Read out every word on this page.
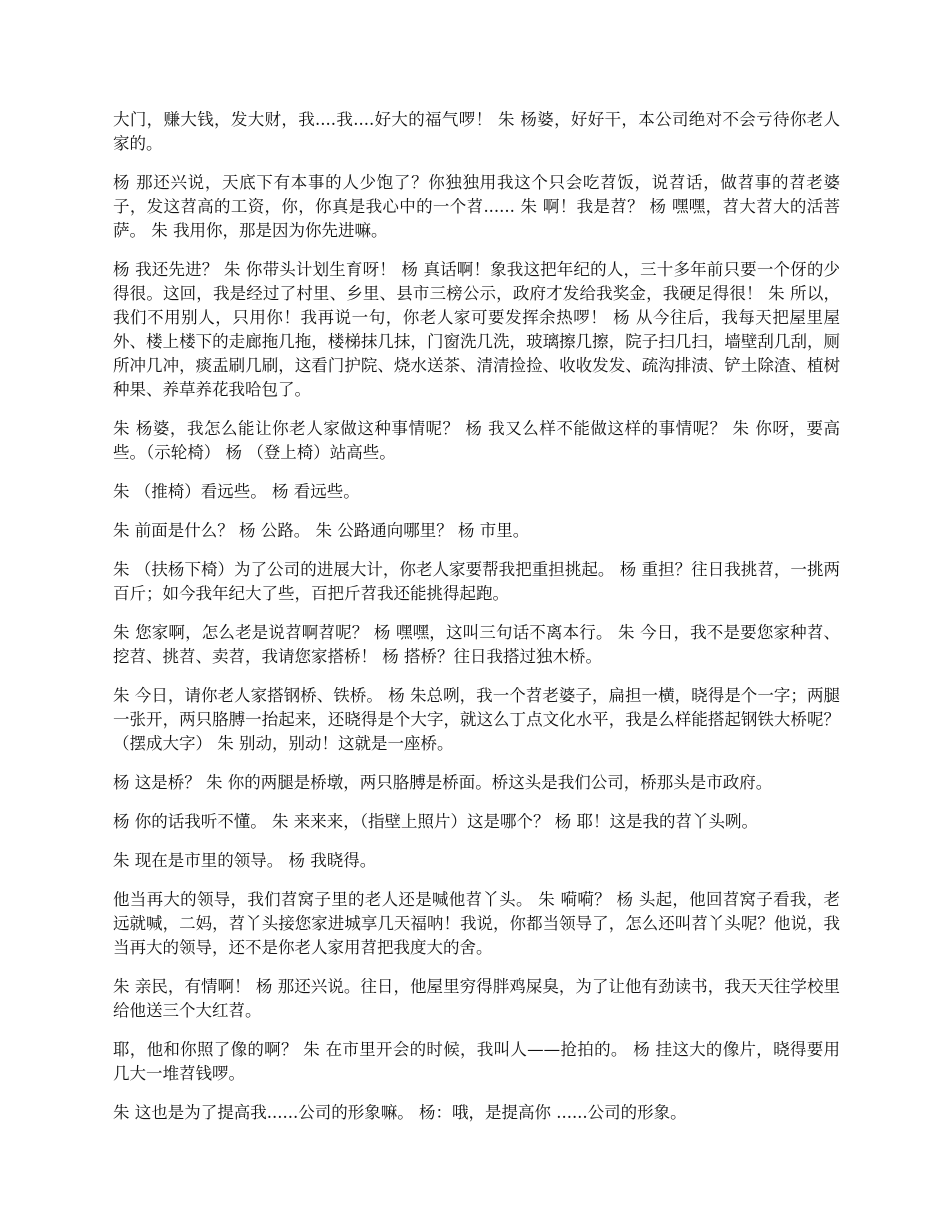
大门，赚大钱，发大财，我....我....好大的福气啰！ 朱 杨婆，好好干，本公司绝对不会亏待你老人家的。

杨 那还兴说，天底下有本事的人少饱了？你独独用我这个只会吃苕饭，说苕话，做苕事的苕老婆子，发这苕高的工资，你，你真是我心中的一个苕...... 朱 啊！我是苕？ 杨 嘿嘿，苕大苕大的活菩萨。 朱 我用你，那是因为你先进嘛。

杨 我还先进？ 朱 你带头计划生育呀！ 杨 真话啊！象我这把年纪的人，三十多年前只要一个伢的少得很。这回，我是经过了村里、乡里、县市三榜公示，政府才发给我奖金，我硬足得很！ 朱 所以，我们不用别人，只用你！我再说一句，你老人家可要发挥余热啰！ 杨 从今往后，我每天把屋里屋外、楼上楼下的走廊拖几拖，楼梯抹几抹，门窗洗几洗，玻璃擦几擦，院子扫几扫，墙壁刮几刮，厕所冲几冲，痰盂刷几刷，这看门护院、烧水送茶、清清捡捡、收收发发、疏沟排渍、铲土除渣、植树种果、养草养花我哈包了。

朱 杨婆，我怎么能让你老人家做这种事情呢？ 杨 我又么样不能做这样的事情呢？ 朱 你呀，要高些。（示轮椅） 杨 （登上椅）站高些。

朱 （推椅）看远些。 杨 看远些。

朱 前面是什么？ 杨 公路。 朱 公路通向哪里？ 杨 市里。

朱 （扶杨下椅）为了公司的进展大计，你老人家要帮我把重担挑起。 杨 重担？往日我挑苕，一挑两百斤；如今我年纪大了些，百把斤苕我还能挑得起跑。

朱 您家啊，怎么老是说苕啊苕呢？ 杨 嘿嘿，这叫三句话不离本行。 朱 今日，我不是要您家种苕、挖苕、挑苕、卖苕，我请您家搭桥！ 杨 搭桥？往日我搭过独木桥。

朱 今日，请你老人家搭钢桥、铁桥。 杨 朱总咧，我一个苕老婆子，扁担一横，晓得是个一字；两腿一张开，两只胳膊一抬起来，还晓得是个大字，就这么丁点文化水平，我是么样能搭起钢铁大桥呢？（摆成大字） 朱 别动，别动！这就是一座桥。

杨 这是桥？ 朱 你的两腿是桥墩，两只胳膊是桥面。桥这头是我们公司，桥那头是市政府。

杨 你的话我听不懂。 朱 来来来，（指壁上照片）这是哪个？ 杨 耶！这是我的苕丫头咧。

朱 现在是市里的领导。 杨 我晓得。

他当再大的领导，我们苕窝子里的老人还是喊他苕丫头。 朱 嗬嗬？ 杨 头起，他回苕窝子看我，老远就喊，二妈，苕丫头接您家进城享几天福呐！我说，你都当领导了，怎么还叫苕丫头呢？他说，我当再大的领导，还不是你老人家用苕把我度大的舍。

朱 亲民，有情啊！ 杨 那还兴说。往日，他屋里穷得胖鸡屎臭，为了让他有劲读书，我天天往学校里给他送三个大红苕。

耶，他和你照了像的啊？ 朱 在市里开会的时候，我叫人——抢拍的。 杨 挂这大的像片，晓得要用几大一堆苕钱啰。

朱 这也是为了提高我......公司的形象嘛。 杨：哦，是提高你 ......公司的形象。
